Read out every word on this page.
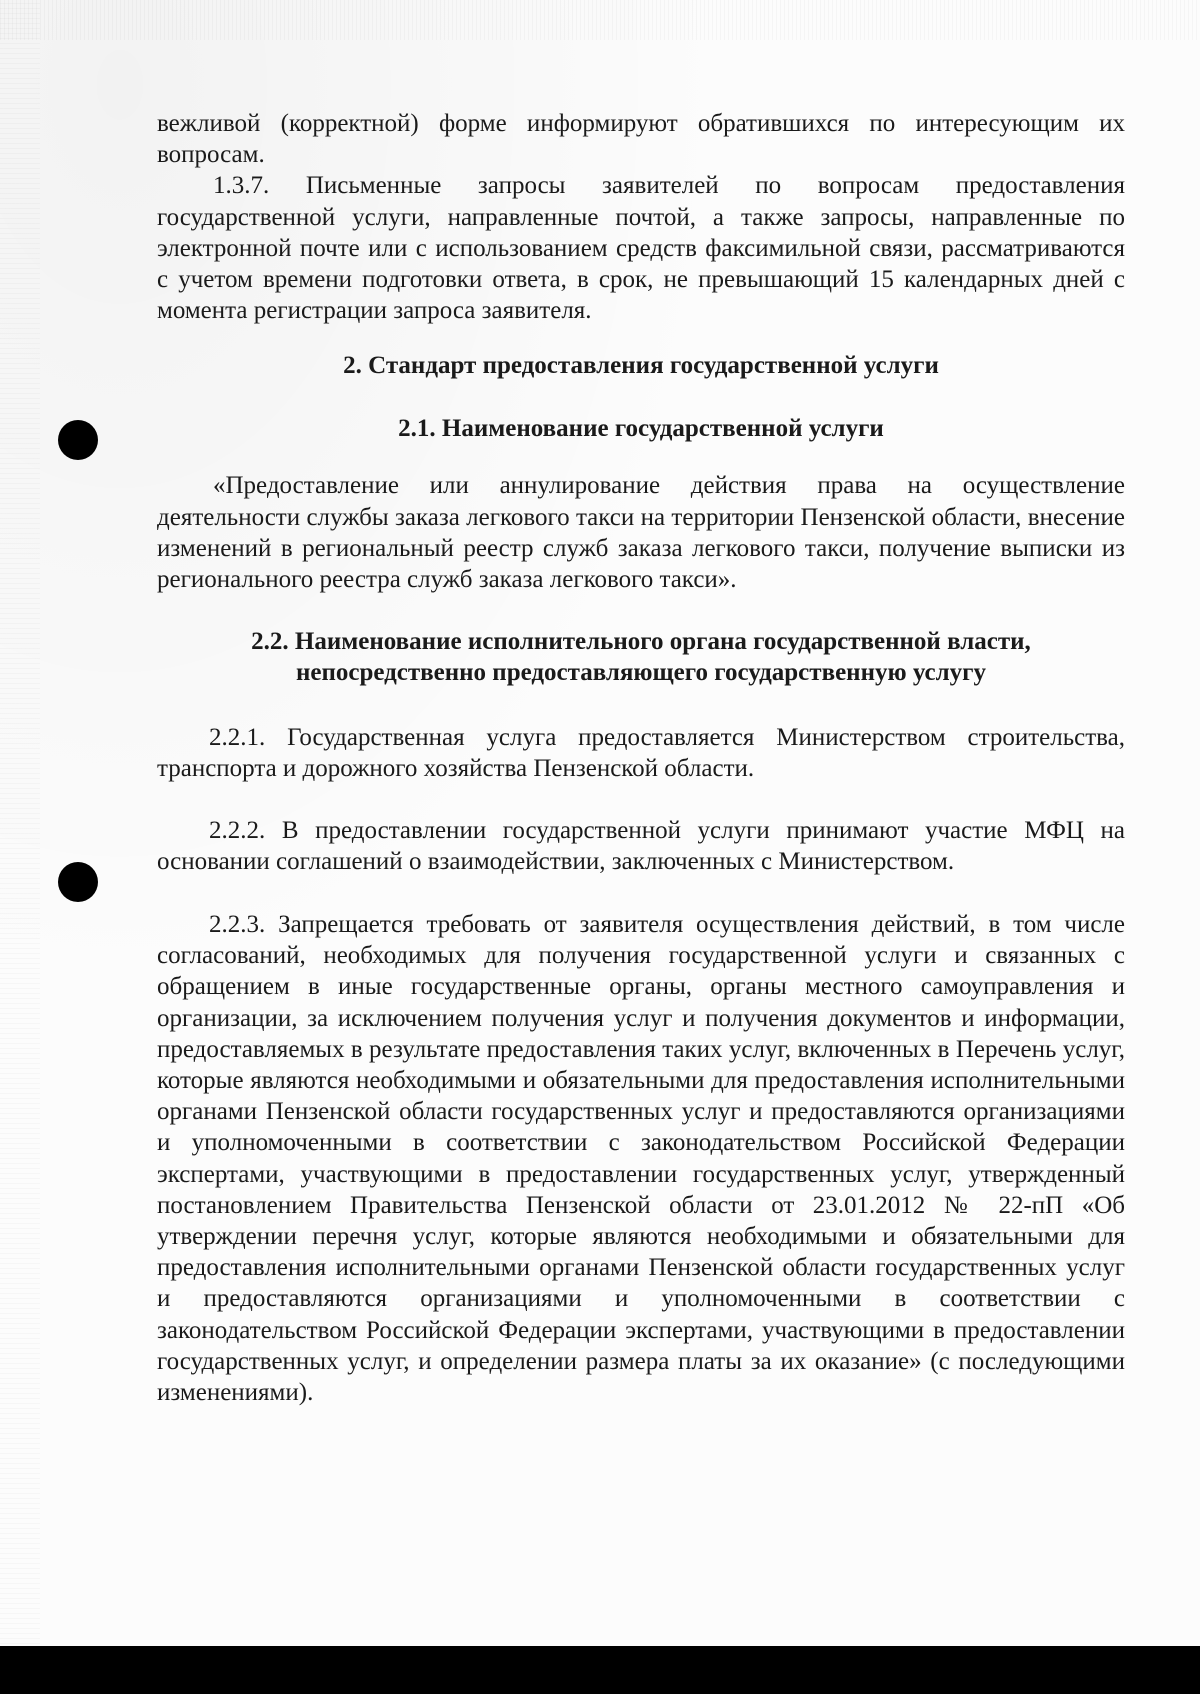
вежливой (корректной) форме информируют обратившихся по интересующим их вопросам.

1.3.7. Письменные запросы заявителей по вопросам предоставления государственной услуги, направленные почтой, а также запросы, направленные по электронной почте или с использованием средств факсимильной связи, рассматриваются с учетом времени подготовки ответа, в срок, не превышающий 15 календарных дней с момента регистрации запроса заявителя.

2. Стандарт предоставления государственной услуги
2.1. Наименование государственной услуги

«Предоставление или аннулирование действия права на осуществление деятельности службы заказа легкового такси на территории Пензенской области, внесение изменений в региональный реестр служб заказа легкового такси, получение выписки из регионального реестра служб заказа легкового такси».

2.2. Наименование исполнительного органа государственной власти,
непосредственно предоставляющего государственную услугу

2.2.1. Государственная услуга предоставляется Министерством строительства, транспорта и дорожного хозяйства Пензенской области.

2.2.2. В предоставлении государственной услуги принимают участие МФЦ на основании соглашений о взаимодействии, заключенных с Министерством.

2.2.3. Запрещается требовать от заявителя осуществления действий, в том числе согласований, необходимых для получения государственной услуги и связанных с обращением в иные государственные органы, органы местного самоуправления и организации, за исключением получения услуг и получения документов и информации, предоставляемых в результате предоставления таких услуг, включенных в Перечень услуг, которые являются необходимыми и обязательными для предоставления исполнительными органами Пензенской области государственных услуг и предоставляются организациями и уполномоченными в соответствии с законодательством Российской Федерации экспертами, участвующими в предоставлении государственных услуг, утвержденный постановлением Правительства Пензенской области от 23.01.2012 № 22-пП «Об утверждении перечня услуг, которые являются необходимыми и обязательными для предоставления исполнительными органами Пензенской области государственных услуг и предоставляются организациями и уполномоченными в соответствии с законодательством Российской Федерации экспертами, участвующими в предоставлении государственных услуг, и определении размера платы за их оказание» (с последующими изменениями).
